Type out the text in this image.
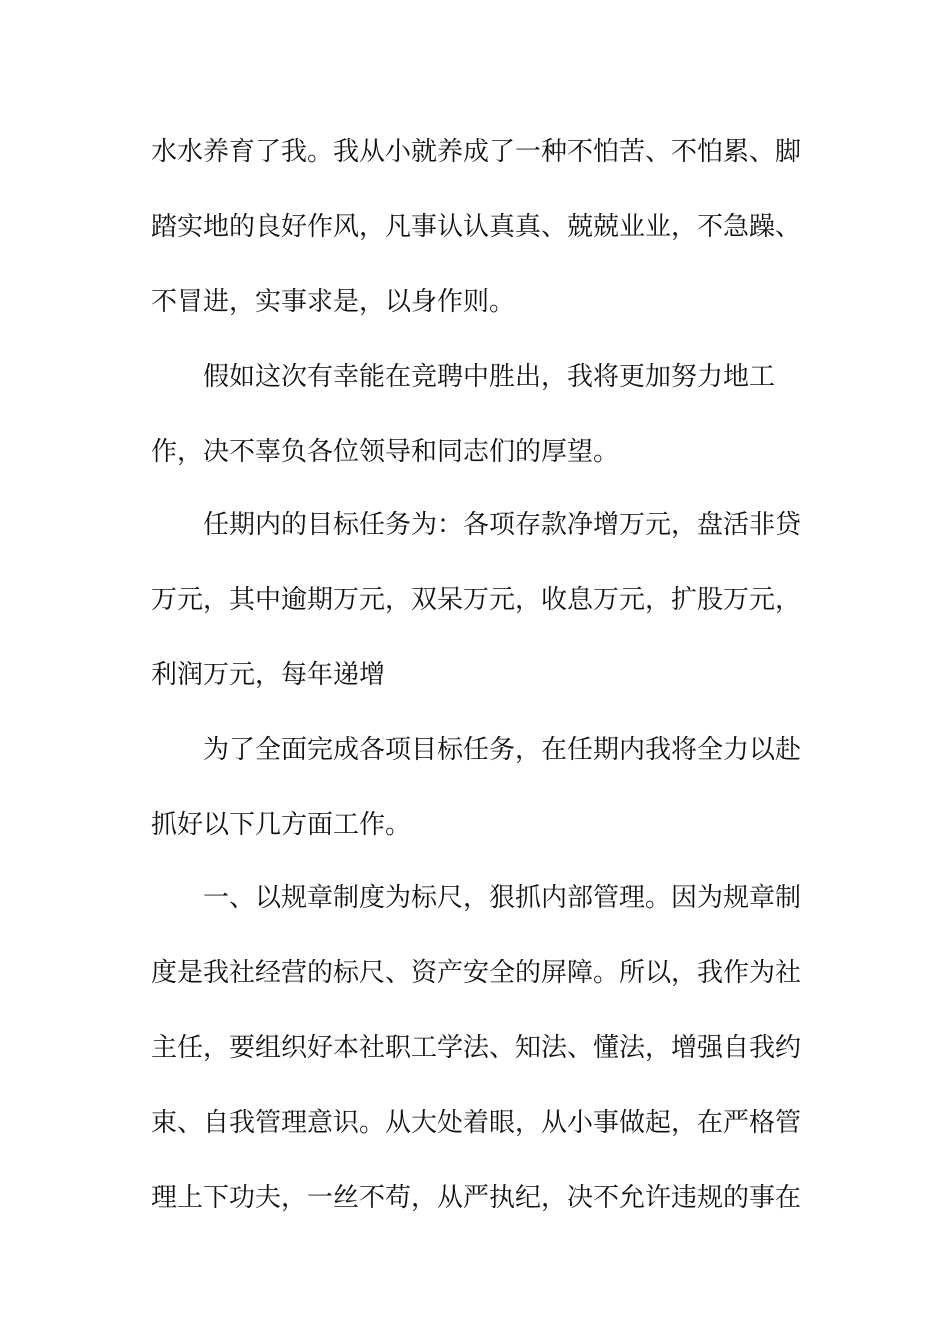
水水养育了我。我从小就养成了一种不怕苦、不怕累、脚
踏实地的良好作风，凡事认认真真、兢兢业业，不急躁、
不冒进，实事求是，以身作则。
假如这次有幸能在竞聘中胜出，我将更加努力地工
作，决不辜负各位领导和同志们的厚望。
任期内的目标任务为：各项存款净增万元，盘活非贷
万元，其中逾期万元，双呆万元，收息万元，扩股万元，
利润万元，每年递增
为了全面完成各项目标任务，在任期内我将全力以赴
抓好以下几方面工作。
一、以规章制度为标尺，狠抓内部管理。因为规章制
度是我社经营的标尺、资产安全的屏障。所以，我作为社
主任，要组织好本社职工学法、知法、懂法，增强自我约
束、自我管理意识。从大处着眼，从小事做起，在严格管
理上下功夫，一丝不苟，从严执纪，决不允许违规的事在
